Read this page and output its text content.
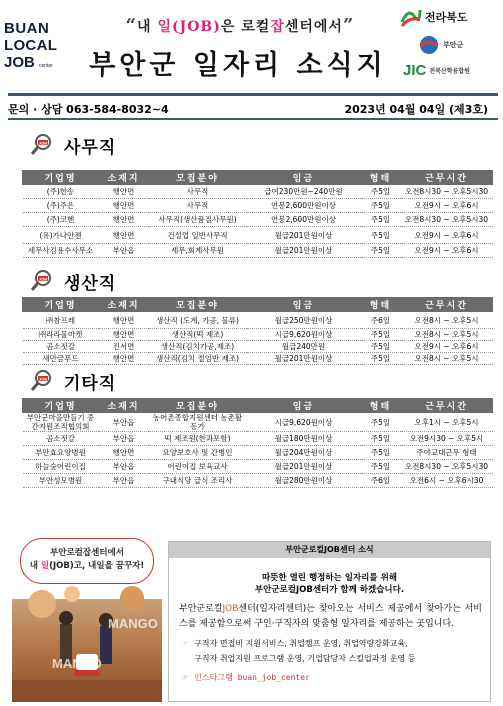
BUAN
LOCAL
JOB center
“내 일(JOB)은 로컬잡센터에서”
부안군 일자리 소식지
전라북도
부안군
JIC 전북산학융합원
문의 · 상담 063-584-8032~4	2023년 04월 04일 (제3호)
JOB 사무직
기업명	소재지	모집분야	임금	형태	근무시간
(주)한송	행안면	사무직	급여230만원~240만원	주5일	오전8시30 ~ 오후5시30
(주)주은	행안면	사무직	연봉2,600만원이상	주5일	오전9시 ~ 오후6시
(주)코헨	행안면	사무직(생산품질사무원)	연봉2,600만원이상	주5일	오전8시30 ~ 오후5시30
(유)가나안젠	행안면	건설업 일반사무직	월급201만원이상	주5일	오전9시 ~ 오후6시
세무사김용수사무소	부안읍	세무,회계사무원	월급201만원이상	주5일	오전9시 ~ 오후6시
JOB 생산직
기업명	소재지	모집분야	임금	형태	근무시간
㈜참프레	행안면	생산직 (도계, 가공, 물류)	월급250만원이상	주6일	오전8시 ~ 오후5시
㈜라라물마켓	행안면	생산직(떡 제조)	시급9,620원이상	주5일	오전8시 ~ 오후5시
곰소젓갈	진서면	생산직(김치가공,제조)	월급240만원	주5일	오전9시 ~ 오후6시
새만금푸드	행안면	생산직(김치 절임반 제조)	월급201만원이상	주5일	오전8시 ~ 오후5시
JOB 기타직
기업명	소재지	모집분야	임금	형태	근무시간
부안군마을만들기 중간지원조직협의회	부안읍	농어촌종합지원센터 농촌활동가	시급9,620원이상	주5일	오후1시 ~ 오후5시
곰소젓갈	부안읍	떡 제조원(한과포함)	월급180만원이상	주5일	오전9시30 ~ 오후5시
부안효요양병원	행안면	요양보호사 및 간병인	월급204만원이상	주5일	주야교대근무 형태
하늘숲어린이집	부안읍	어린이집 보육교사	월급201만원이상	주5일	오전8시30 ~ 오후5시30
부안성모병원	부안읍	구내식당 급식 조리사	월급280만원이상	주6일	오전6시 ~ 오후6시30
부안로컬잡센터에서
내 일(JOB)고, 내일을 꿈꾸자!
MANGO
MANGO
부안군로컬JOB센터 소식
따뜻한 열린 행정하는 일자리를 위해
부안군로컬JOB센터가 함께 하겠습니다.
부안군로컬JOB센터(일자리센터)는 찾아오는 서비스 제공에서 찾아가는 서비스를 제공함으로써 구인·구직자의 맞춤형 일자리를 제공하는 곳입니다.
☞ 구직자 면접비 지원서비스, 취업캠프 운영, 취업역량강화교육,
구직자 취업지원 프로그램 운영, 기업담당자 스킬업과정 운영 등
☞ 인스타그램 buan_job_center
